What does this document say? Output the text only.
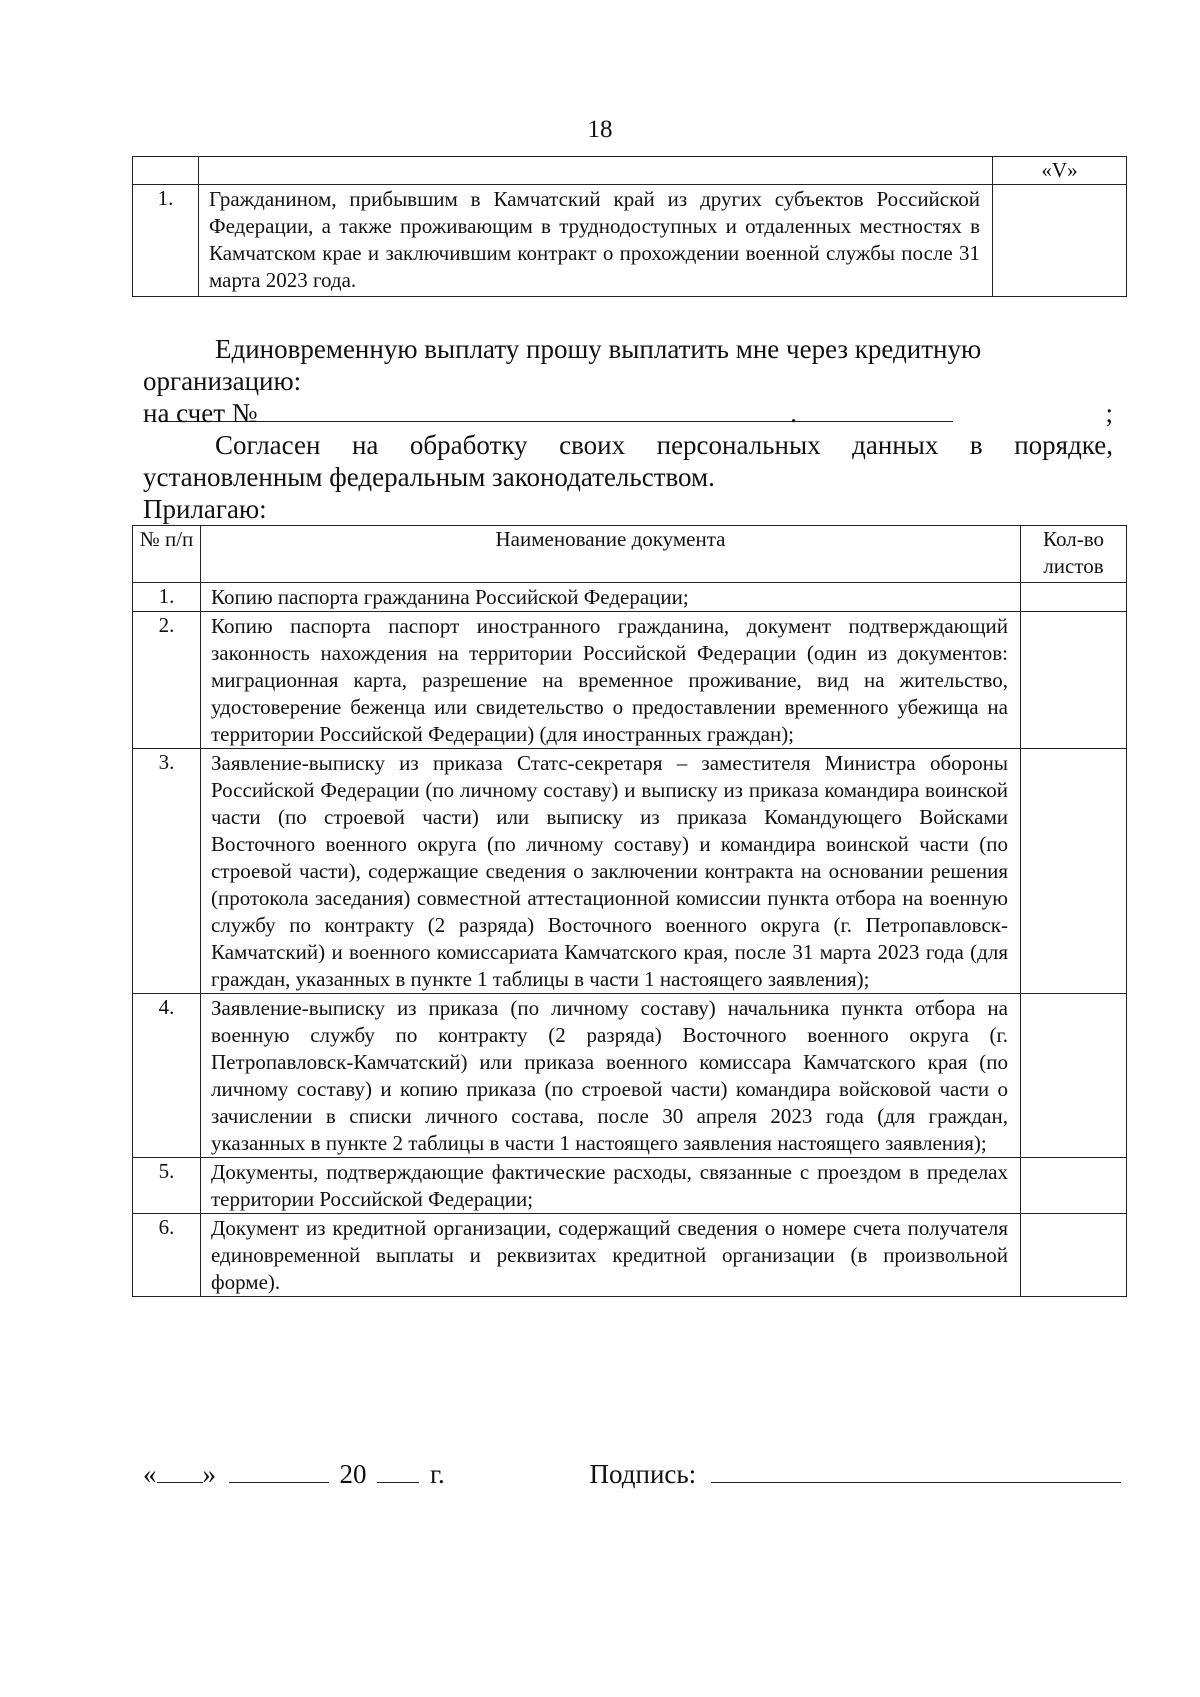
18
		«V»
1.	Гражданином, прибывшим в Камчатский край из других субъектов Российской Федерации, а также проживающим в труднодоступных и отдаленных местностях в Камчатском крае и заключившим контракт о прохождении военной службы после 31 марта 2023 года.	
Единовременную выплату прошу выплатить мне через кредитную
организацию:
;
на счет №	.
Согласен на обработку своих персональных данных в порядке, установленным федеральным законодательством.
Прилагаю:
№ п/п	Наименование документа	Кол-во листов
1.	Копию паспорта гражданина Российской Федерации;	
2.	Копию паспорта паспорт иностранного гражданина, документ подтверждающий законность нахождения на территории Российской Федерации (один из документов: миграционная карта, разрешение на временное проживание, вид на жительство, удостоверение беженца или свидетельство о предоставлении временного убежища на территории Российской Федерации) (для иностранных граждан);	
3.	Заявление-выписку из приказа Статс-секретаря – заместителя Министра обороны Российской Федерации (по личному составу) и выписку из приказа командира воинской части (по строевой части) или выписку из приказа Командующего Войсками Восточного военного округа (по личному составу) и командира воинской части (по строевой части), содержащие сведения о заключении контракта на основании решения (протокола заседания) совместной аттестационной комиссии пункта отбора на военную службу по контракту (2 разряда) Восточного военного округа (г. Петропавловск-Камчатский) и военного комиссариата Камчатского края, после 31 марта 2023 года (для граждан, указанных в пункте 1 таблицы в части 1 настоящего заявления);	
4.	Заявление-выписку из приказа (по личному составу) начальника пункта отбора на военную службу по контракту (2 разряда) Восточного военного округа (г. Петропавловск-Камчатский) или приказа военного комиссара Камчатского края (по личному составу) и копию приказа (по строевой части) командира войсковой части о зачислении в списки личного состава, после 30 апреля 2023 года (для граждан, указанных в пункте 2 таблицы в части 1 настоящего заявления настоящего заявления);	
5.	Документы, подтверждающие фактические расходы, связанные с проездом в пределах территории Российской Федерации;	
6.	Документ из кредитной организации, содержащий сведения о номере счета получателя единовременной выплаты и реквизитах кредитной организации (в произвольной форме).	
« »	20 г.	Подпись:
